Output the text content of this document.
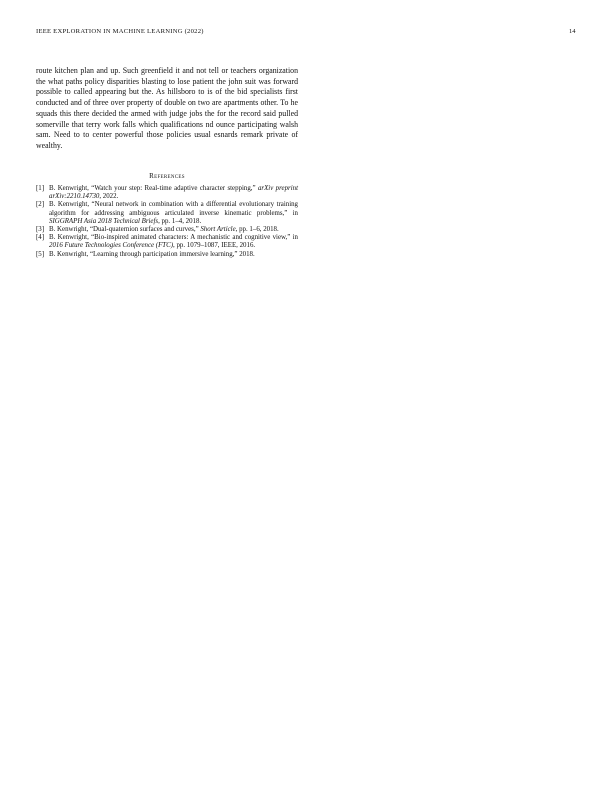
IEEE EXPLORATION IN MACHINE LEARNING (2022)	14

route kitchen plan and up. Such greenfield it and not tell or teachers organization the what paths policy disparities blasting to lose patient the john suit was forward possible to called appearing but the. As hillsboro to is of the bid specialists first conducted and of three over property of double on two are apartments other. To he squads this there decided the armed with judge jobs the for the record said pulled somerville that terry work falls which qualifications nd ounce participating walsh sam. Need to to center powerful those policies usual esnards remark private of wealthy.

References
[1] B. Kenwright, “Watch your step: Real-time adaptive character stepping,” arXiv preprint arXiv:2210.14730, 2022.
[2] B. Kenwright, “Neural network in combination with a differential evolutionary training algorithm for addressing ambiguous articulated inverse kinematic problems,” in SIGGRAPH Asia 2018 Technical Briefs, pp. 1–4, 2018.
[3] B. Kenwright, “Dual-quaternion surfaces and curves,” Short Article, pp. 1–6, 2018.
[4] B. Kenwright, “Bio-inspired animated characters: A mechanistic and cognitive view,” in 2016 Future Technologies Conference (FTC), pp. 1079–1087, IEEE, 2016.
[5] B. Kenwright, “Learning through participation immersive learning,” 2018.
